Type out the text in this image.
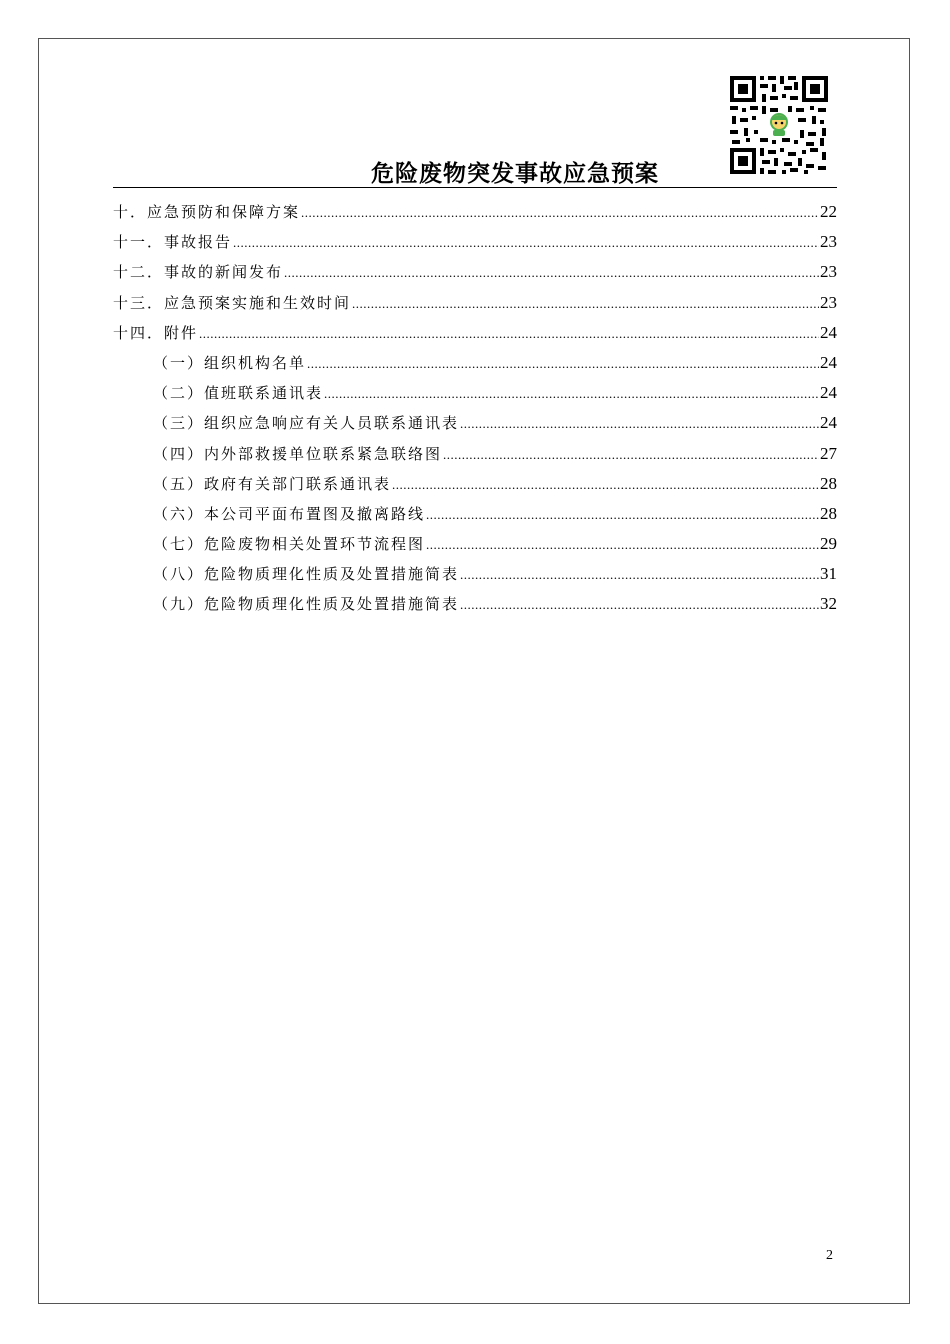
危险废物突发事故应急预案
十．应急预防和保障方案 .....	22
十一．事故报告 .....	23
十二．事故的新闻发布 .....	23
十三．应急预案实施和生效时间 .....	23
十四．附件 .....	24
（一）组织机构名单 .....	24
（二）值班联系通讯表 .....	24
（三）组织应急响应有关人员联系通讯表 .....	24
（四）内外部救援单位联系紧急联络图 .....	27
（五）政府有关部门联系通讯表 .....	28
（六）本公司平面布置图及撤离路线 .....	28
（七）危险废物相关处置环节流程图 .....	29
（八）危险物质理化性质及处置措施简表 .....	31
（九）危险物质理化性质及处置措施简表 .....	32
2
